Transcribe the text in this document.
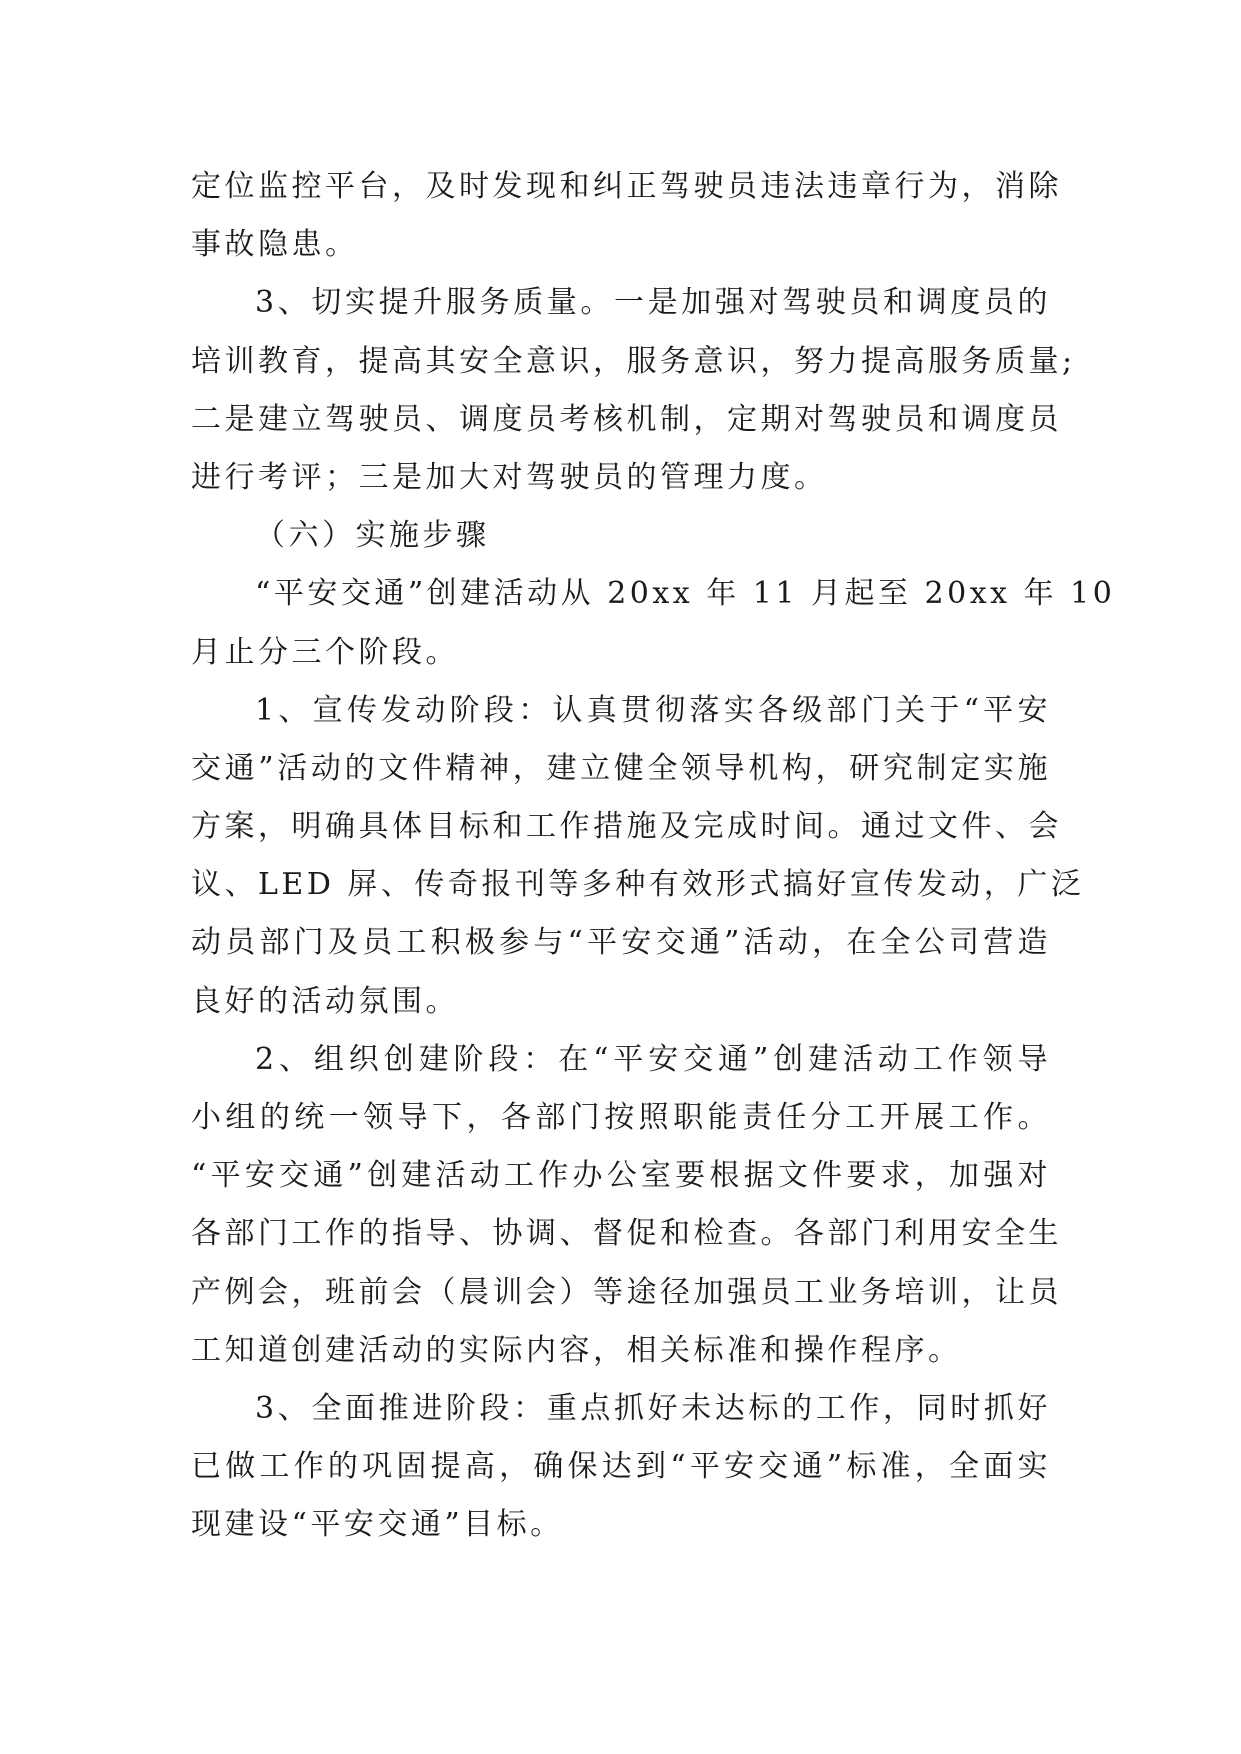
定位监控平台，及时发现和纠正驾驶员违法违章行为，消除
事故隐患。
3、切实提升服务质量。一是加强对驾驶员和调度员的
培训教育，提高其安全意识，服务意识，努力提高服务质量;
二是建立驾驶员、调度员考核机制，定期对驾驶员和调度员
进行考评；三是加大对驾驶员的管理力度。
（六）实施步骤
“平安交通”创建活动从 20xx 年 11 月起至 20xx 年 10
月止分三个阶段。
1、宣传发动阶段：认真贯彻落实各级部门关于“平安
交通”活动的文件精神，建立健全领导机构，研究制定实施
方案，明确具体目标和工作措施及完成时间。通过文件、会
议、LED 屏、传奇报刊等多种有效形式搞好宣传发动，广泛
动员部门及员工积极参与“平安交通”活动，在全公司营造
良好的活动氛围。
2、组织创建阶段：在“平安交通”创建活动工作领导
小组的统一领导下，各部门按照职能责任分工开展工作。
“平安交通”创建活动工作办公室要根据文件要求，加强对
各部门工作的指导、协调、督促和检查。各部门利用安全生
产例会，班前会（晨训会）等途径加强员工业务培训，让员
工知道创建活动的实际内容，相关标准和操作程序。
3、全面推进阶段：重点抓好未达标的工作，同时抓好
已做工作的巩固提高，确保达到“平安交通”标准，全面实
现建设“平安交通”目标。
